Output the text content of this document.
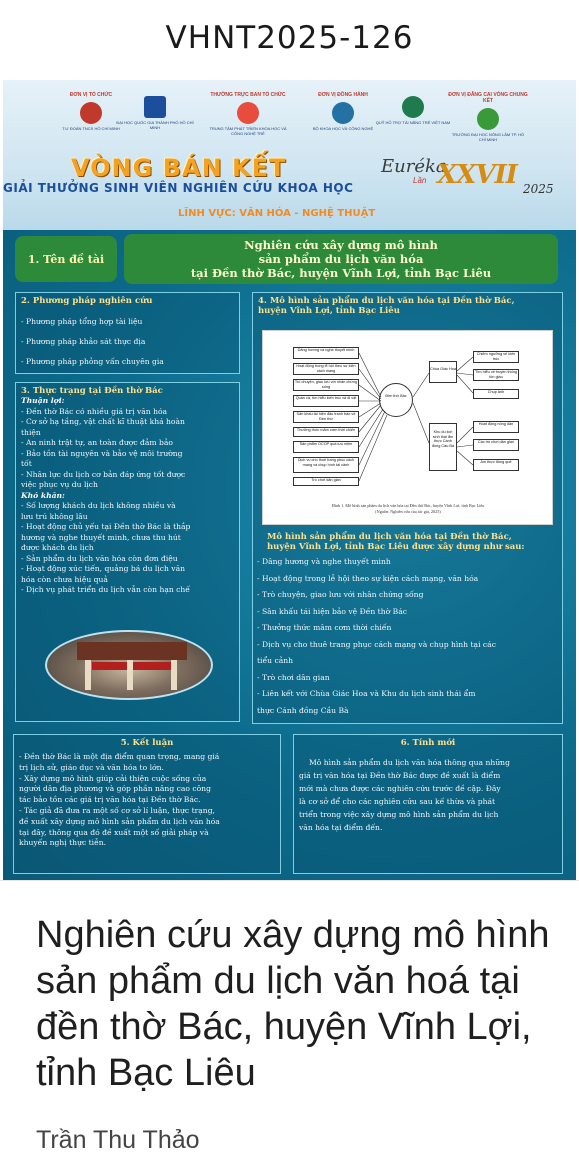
VHNT2025-126
ĐƠN VỊ TỔ CHỨC
T.Ư ĐOÀN TNCS HỒ CHÍ MINH
ĐẠI HỌC QUỐC GIA THÀNH PHỐ HỒ CHÍ MINH
THƯỜNG TRỰC BAN TỔ CHỨC
TRUNG TÂM PHÁT TRIỂN KHOA HỌC VÀ CÔNG NGHỆ TRẺ
ĐƠN VỊ ĐỒNG HÀNH
BỘ KHOA HỌC VÀ CÔNG NGHỆ
QUỸ HỖ TRỢ TÀI NĂNG TRẺ VIỆT NAM
ĐƠN VỊ ĐĂNG CAI VÒNG CHUNG KẾT
TRƯỜNG ĐẠI HỌC NÔNG LÂM TP. HỒ CHÍ MINH
VÒNG BÁN KẾT
GIẢI THƯỞNG SINH VIÊN NGHIÊN CỨU KHOA HỌC
Euréka
Lần XXVII 2025
LĨNH VỰC: VĂN HÓA - NGHỆ THUẬT
1. Tên đề tài
Nghiên cứu xây dựng mô hình
sản phẩm du lịch văn hóa
tại Đền thờ Bác, huyện Vĩnh Lợi, tỉnh Bạc Liêu
2. Phương pháp nghiên cứu
- Phương pháp tổng hợp tài liệu
- Phương pháp khảo sát thực địa
- Phương pháp phỏng vấn chuyên gia
3. Thực trạng tại Đền thờ Bác
Thuận lợi:
- Đền thờ Bác có nhiều giá trị văn hóa
- Cơ sở hạ tầng, vật chất kĩ thuật khá hoàn
thiện
- An ninh trật tự, an toàn được đảm bảo
- Bảo tồn tài nguyên và bảo vệ môi trường
tốt
- Nhân lực du lịch cơ bản đáp ứng tốt được
việc phục vụ du lịch
Khó khăn:
- Số lượng khách du lịch không nhiều và
lưu trú không lâu
- Hoạt động chủ yếu tại Đền thờ Bác là thắp
hương và nghe thuyết minh, chưa thu hút
được khách du lịch
- Sản phẩm du lịch văn hóa còn đơn điệu
- Hoạt động xúc tiến, quảng bá du lịch văn
hóa còn chưa hiệu quả
- Dịch vụ phát triển du lịch vẫn còn hạn chế
4. Mô hình sản phẩm du lịch văn hóa tại Đền thờ Bác,
huyện Vĩnh Lợi, tỉnh Bạc Liêu
Dâng hương và nghe thuyết minh
Hoạt động trong lễ hội theo sự kiện cách mạng
Trò chuyện, giao lưu với nhân chứng sống
Quán cà, tìm hiểu kiến trúc và di vật
Sân khấu tái hiện đấu tranh bảo vệ Đền thờ
Thưởng thức mâm cơm thời chiến
Sản phẩm OCOP quà lưu niệm
Dịch vụ cho thuê trang phục cách mạng và chụp hình tại cảnh
Trò chơi dân gian
Đền thờ Bác
Chùa Giác Hoa
Khu du lịch sinh thái ẩm thực Cánh đồng Cầu Bà
Chiêm ngưỡng vẻ kiến trúc
Tìm hiểu về truyền thống tôn giáo
Chụp ảnh
Hoạt động nông dân
Các trò chơi dân gian
Ẩm thực đồng quê
Hình 1. Mô hình sản phẩm du lịch văn hóa tại Đền thờ Bác, huyện Vĩnh Lợi, tỉnh Bạc Liêu
(Nguồn: Nghiên cứu của tác giả, 2025)
Mô hình sản phẩm du lịch văn hóa tại Đền thờ Bác,
huyện Vĩnh Lợi, tỉnh Bạc Liêu được xây dựng như sau:
- Dâng hương và nghe thuyết minh
- Hoạt động trong lễ hội theo sự kiện cách mạng, văn hóa
- Trò chuyện, giao lưu với nhân chứng sống
- Sân khấu tái hiện bảo vệ Đền thờ Bác
- Thưởng thức mâm cơm thời chiến
- Dịch vụ cho thuê trang phục cách mạng và chụp hình tại các
tiểu cảnh
- Trò chơi dân gian
- Liên kết với Chùa Giác Hoa và Khu du lịch sinh thái ẩm
thực Cánh đồng Cầu Bà
5. Kết luận
- Đền thờ Bác là một địa điểm quan trọng, mang giá
trị lịch sử, giáo dục và văn hóa to lớn.
- Xây dựng mô hình giúp cải thiện cuộc sống của
người dân địa phương và góp phần nâng cao công
tác bảo tồn các giá trị văn hóa tại Đền thờ Bác.
- Tác giả đã đưa ra một số cơ sở lí luận, thực trạng,
đề xuất xây dựng mô hình sản phẩm du lịch văn hóa
tại đây, thông qua đó đề xuất một số giải pháp và
khuyến nghị thực tiễn.
6. Tính mới
Mô hình sản phẩm du lịch văn hóa thông qua những
giá trị văn hóa tại Đền thờ Bác được đề xuất là điểm
mới mà chưa được các nghiên cứu trước đề cập. Đây
là cơ sở để cho các nghiên cứu sau kế thừa và phát
triển trong việc xây dựng mô hình sản phẩm du lịch
văn hóa tại điểm đến.
Nghiên cứu xây dựng mô hình sản phẩm du lịch văn hoá tại đền thờ Bác, huyện Vĩnh Lợi, tỉnh Bạc Liêu
Trần Thu Thảo
